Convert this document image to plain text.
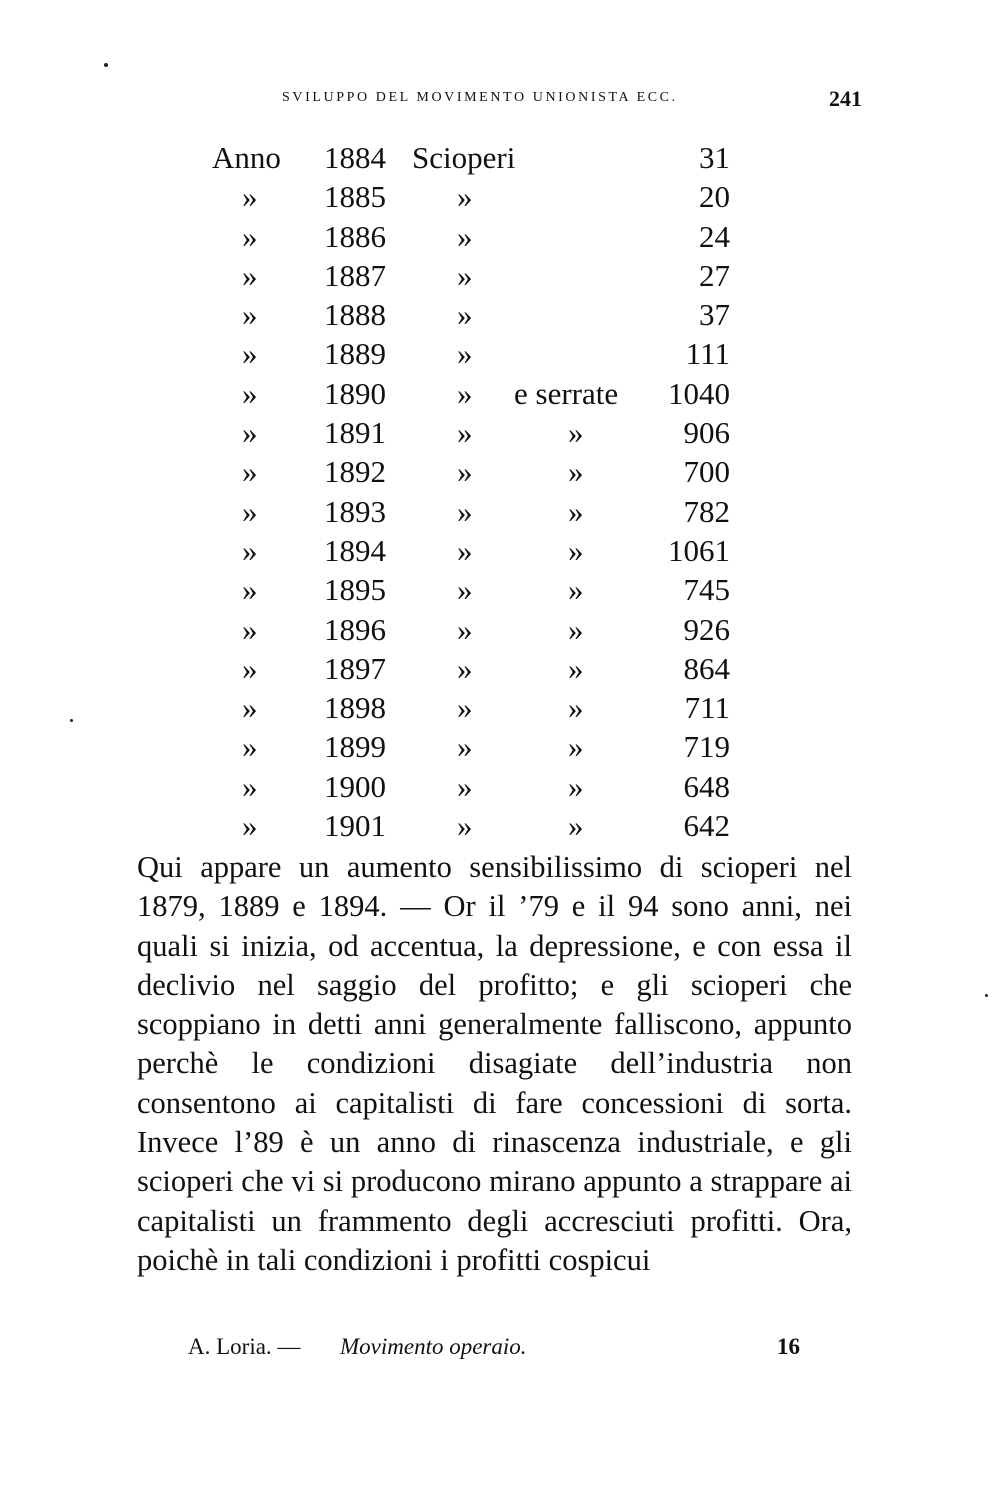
SVILUPPO DEL MOVIMENTO UNIONISTA ECC.	241
Anno 1884 Scioperi	31
» 1885 »	20
» 1886 »	24
» 1887 »	27
» 1888 »	37
» 1889 »	111
» 1890 » e serrate 1040
» 1891 »	»	906
» 1892 »	»	700
» 1893 »	»	782
» 1894 »	»	1061
» 1895 »	»	745
» 1896 »	»	926
» 1897 »	»	864
» 1898 »	»	711
» 1899 »	»	719
» 1900 »	»	648
» 1901 »	»	642
Qui appare un aumento sensibilissimo di scioperi nel 1879, 1889 e 1894. — Or il ’79 e il 94 sono anni, nei quali si inizia, od accentua, la depressione, e con essa il declivio nel saggio del profitto; e gli scioperi che scoppiano in detti anni generalmente falliscono, appunto perchè le condizioni disagiate dell’industria non consentono ai capitalisti di fare concessioni di sorta. Invece l’89 è un anno di rinascenza industriale, e gli scioperi che vi si producono mirano appunto a strappare ai capitalisti un frammento degli accresciuti profitti. Ora, poichè in tali condizioni i profitti cospicui
A. Loria. — Movimento operaio.	16
